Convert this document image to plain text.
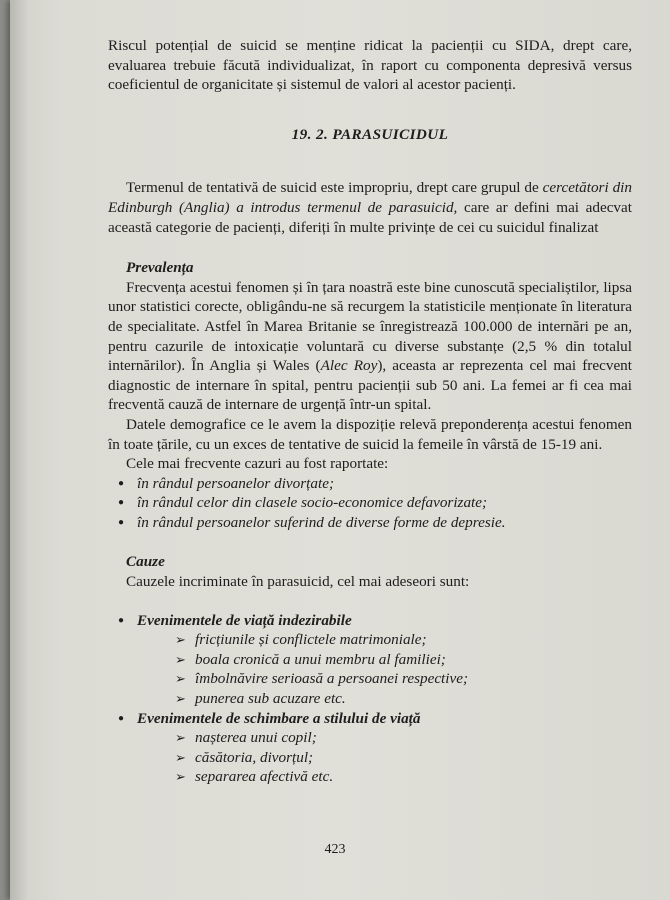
Riscul potențial de suicid se menține ridicat la pacienții cu SIDA, drept care, evaluarea trebuie făcută individualizat, în raport cu componenta depresivă versus coeficientul de organicitate și sistemul de valori al acestor pacienți.

19. 2. PARASUICIDUL

Termenul de tentativă de suicid este impropriu, drept care grupul de cercetători din Edinburgh (Anglia) a introdus termenul de parasuicid, care ar defini mai adecvat această categorie de pacienți, diferiți în multe privințe de cei cu suicidul finalizat

Prevalența

Frecvența acestui fenomen și în țara noastră este bine cunoscută specialiștilor, lipsa unor statistici corecte, obligându-ne să recurgem la statisticile menționate în literatura de specialitate. Astfel în Marea Britanie se înregistrează 100.000 de internări pe an, pentru cazurile de intoxicație voluntară cu diverse substanțe (2,5 % din totalul internărilor). În Anglia și Wales (Alec Roy), aceasta ar reprezenta cel mai frecvent diagnostic de internare în spital, pentru pacienții sub 50 ani. La femei ar fi cea mai frecventă cauză de internare de urgență într-un spital.

Datele demografice ce le avem la dispoziție relevă preponderența acestui fenomen în toate țările, cu un exces de tentative de suicid la femeile în vârstă de 15-19 ani.

Cele mai frecvente cazuri au fost raportate:

● în rândul persoanelor divorțate;
● în rândul celor din clasele socio-economice defavorizate;
● în rândul persoanelor suferind de diverse forme de depresie.

Cauze

Cauzele incriminate în parasuicid, cel mai adeseori sunt:

● Evenimentele de viață indezirabile
➢ fricțiunile și conflictele matrimoniale;
➢ boala cronică a unui membru al familiei;
➢ îmbolnăvire serioasă a persoanei respective;
➢ punerea sub acuzare etc.
● Evenimentele de schimbare a stilului de viață
➢ nașterea unui copil;
➢ căsătoria, divorțul;
➢ separarea afectivă etc.
423
